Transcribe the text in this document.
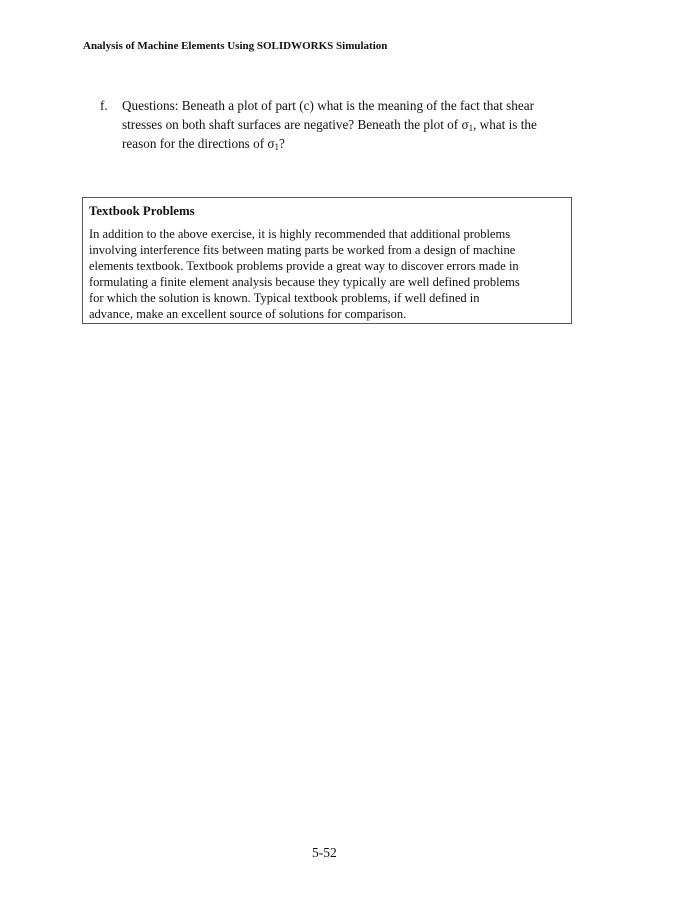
Analysis of Machine Elements Using SOLIDWORKS Simulation
f. Questions: Beneath a plot of part (c) what is the meaning of the fact that shear
stresses on both shaft surfaces are negative? Beneath the plot of $\sigma_1$, what is the
reason for the directions of $\sigma_1$?
Textbook Problems
In addition to the above exercise, it is highly recommended that additional problems
involving interference fits between mating parts be worked from a design of machine
elements textbook. Textbook problems provide a great way to discover errors made in
formulating a finite element analysis because they typically are well defined problems
for which the solution is known. Typical textbook problems, if well defined in
advance, make an excellent source of solutions for comparison.
5-52
